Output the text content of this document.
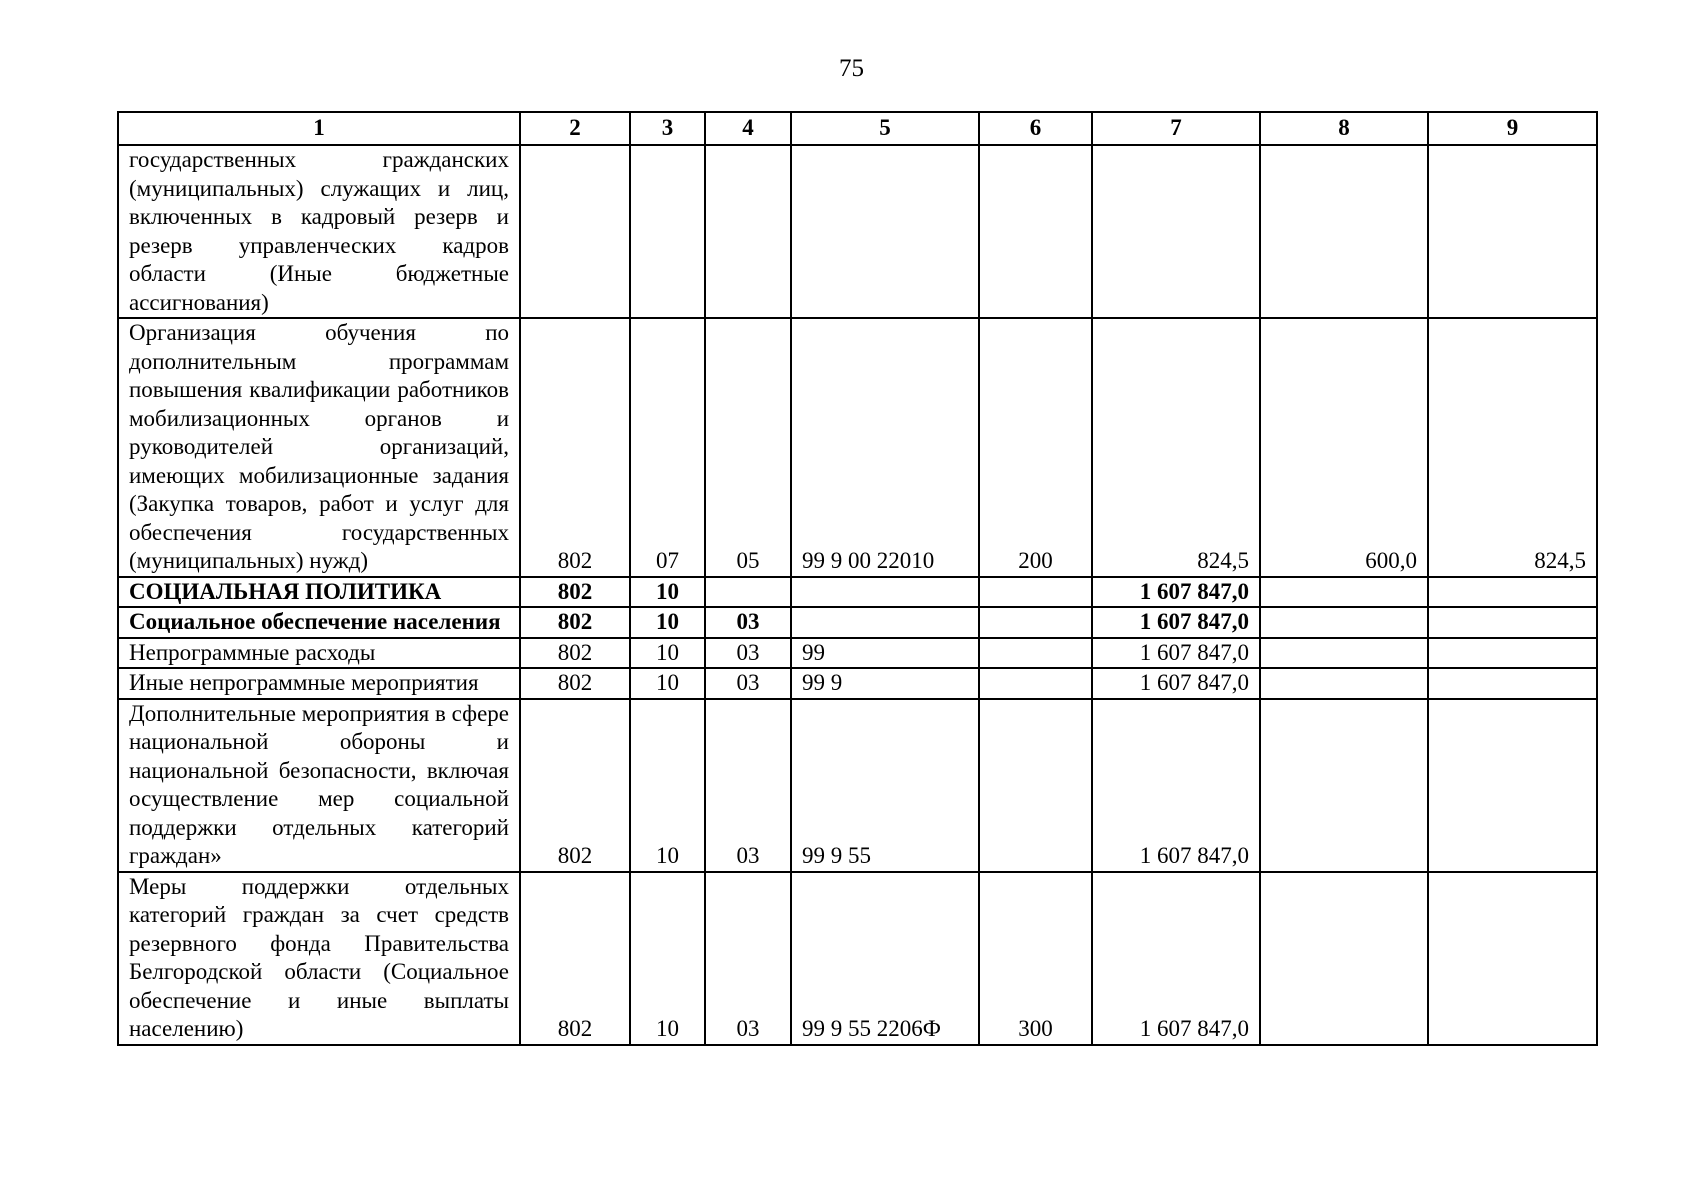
75
1	2	3	4	5	6	7	8	9
государственных гражданских (муниципальных) служащих и лиц, включенных в кадровый резерв и резерв управленческих кадров области (Иные бюджетные ассигнования)								
Организация обучения по дополнительным программам повышения квалификации работников мобилизационных органов и руководителей организаций, имеющих мобилизационные задания (Закупка товаров, работ и услуг для обеспечения государственных (муниципальных) нужд)	802	07	05	99 9 00 22010	200	824,5	600,0	824,5
СОЦИАЛЬНАЯ ПОЛИТИКА	802	10				1 607 847,0		
Социальное обеспечение населения	802	10	03			1 607 847,0		
Непрограммные расходы	802	10	03	99		1 607 847,0		
Иные непрограммные мероприятия	802	10	03	99 9		1 607 847,0		
Дополнительные мероприятия в сфере национальной обороны и национальной безопасности, включая осуществление мер социальной поддержки отдельных категорий граждан»	802	10	03	99 9 55		1 607 847,0		
Меры поддержки отдельных категорий граждан за счет средств резервного фонда Правительства Белгородской области (Социальное обеспечение и иные выплаты населению)	802	10	03	99 9 55 2206Ф	300	1 607 847,0		
